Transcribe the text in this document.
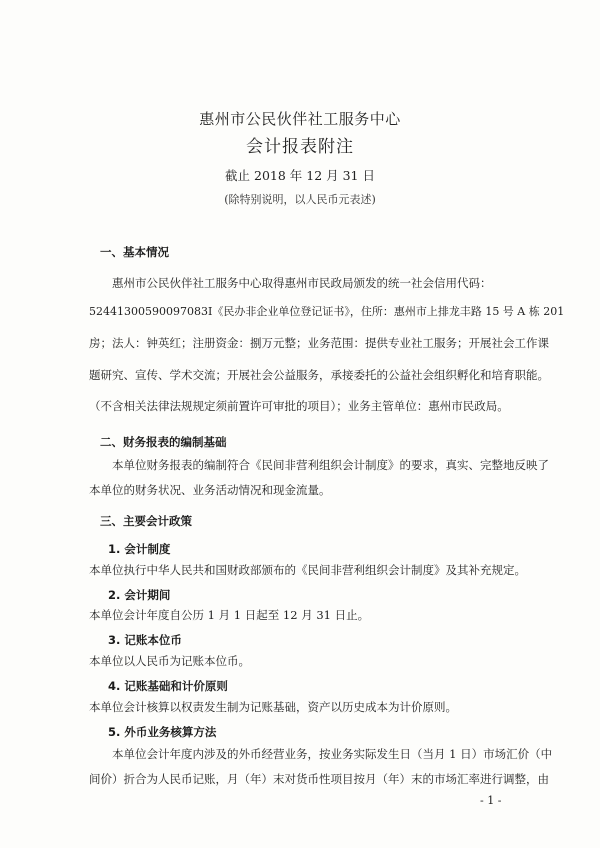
惠州市公民伙伴社工服务中心
会计报表附注
截止 2018 年 12 月 31 日
(除特别说明，以人民币元表述)
一、基本情况
惠州市公民伙伴社工服务中心取得惠州市民政局颁发的统一社会信用代码：
52441300590097083I《民办非企业单位登记证书》，住所：惠州市上排龙丰路 15 号 A 栋 201
房；法人：钟英红；注册资金：捌万元整；业务范围：提供专业社工服务；开展社会工作课
题研究、宣传、学术交流；开展社会公益服务，承接委托的公益社会组织孵化和培育职能。
（不含相关法律法规规定须前置许可审批的项目）；业务主管单位：惠州市民政局。
二、财务报表的编制基础
本单位财务报表的编制符合《民间非营利组织会计制度》的要求，真实、完整地反映了
本单位的财务状况、业务活动情况和现金流量。
三、主要会计政策
1. 会计制度
本单位执行中华人民共和国财政部颁布的《民间非营利组织会计制度》及其补充规定。
2. 会计期间
本单位会计年度自公历 1 月 1 日起至 12 月 31 日止。
3. 记账本位币
本单位以人民币为记账本位币。
4. 记账基础和计价原则
本单位会计核算以权责发生制为记账基础，资产以历史成本为计价原则。
5. 外币业务核算方法
本单位会计年度内涉及的外币经营业务，按业务实际发生日（当月 1 日）市场汇价（中
间价）折合为人民币记账，月（年）末对货币性项目按月（年）末的市场汇率进行调整，由
- 1 -
